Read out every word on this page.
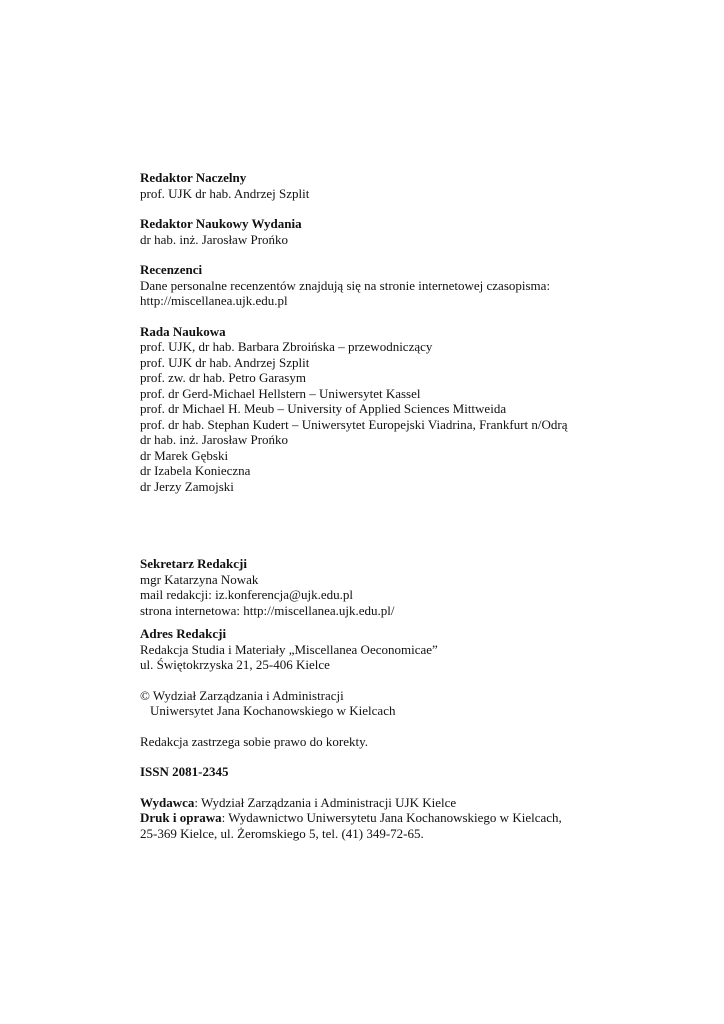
Redaktor Naczelny
prof. UJK dr hab. Andrzej Szplit
Redaktor Naukowy Wydania
dr hab. inż. Jarosław Prońko
Recenzenci
Dane personalne recenzentów znajdują się na stronie internetowej czasopisma:
http://miscellanea.ujk.edu.pl
Rada Naukowa
prof. UJK, dr hab. Barbara Zbroińska – przewodniczący
prof. UJK dr hab. Andrzej Szplit
prof. zw. dr hab. Petro Garasym
prof. dr Gerd-Michael Hellstern – Uniwersytet Kassel
prof. dr Michael H. Meub – University of Applied Sciences Mittweida
prof. dr hab. Stephan Kudert – Uniwersytet Europejski Viadrina, Frankfurt n/Odrą
dr hab. inż. Jarosław Prońko
dr Marek Gębski
dr Izabela Konieczna
dr Jerzy Zamojski
Sekretarz Redakcji
mgr Katarzyna Nowak
mail redakcji: iz.konferencja@ujk.edu.pl
strona internetowa: http://miscellanea.ujk.edu.pl/
Adres Redakcji
Redakcja Studia i Materiały „Miscellanea Oeconomicae”
ul. Świętokrzyska 21, 25-406 Kielce
© Wydział Zarządzania i Administracji
Uniwersytet Jana Kochanowskiego w Kielcach
Redakcja zastrzega sobie prawo do korekty.
ISSN 2081-2345
Wydawca: Wydział Zarządzania i Administracji UJK Kielce
Druk i oprawa: Wydawnictwo Uniwersytetu Jana Kochanowskiego w Kielcach,
25-369 Kielce, ul. Żeromskiego 5, tel. (41) 349-72-65.
